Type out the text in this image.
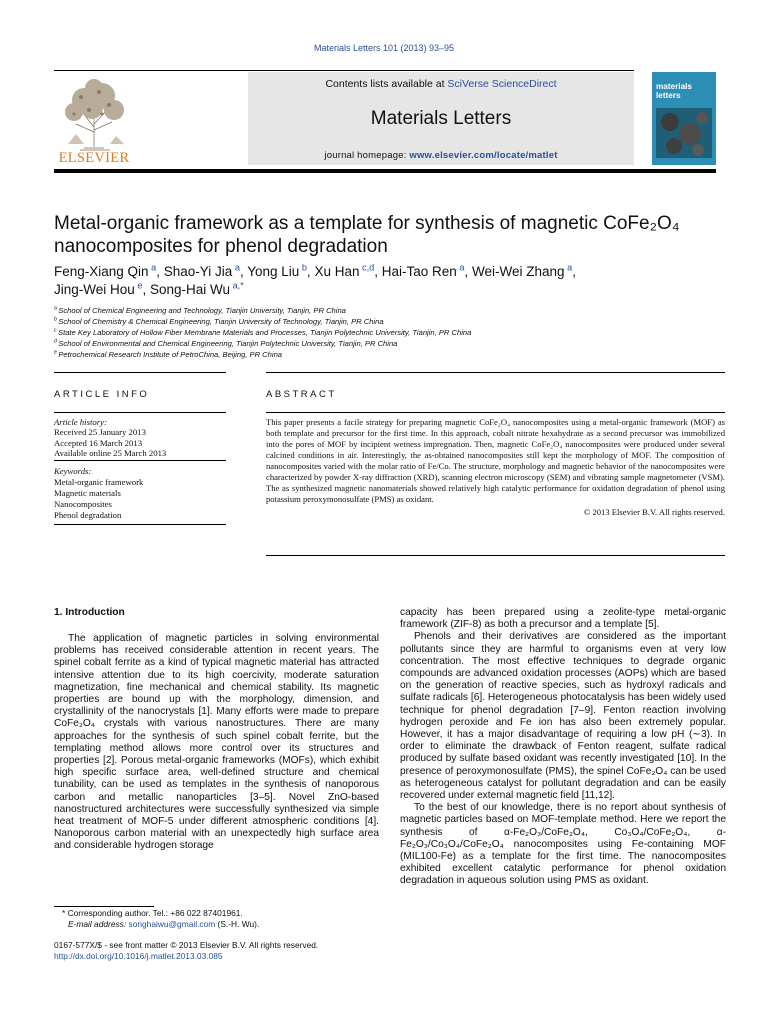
Materials Letters 101 (2013) 93–95
ELSEVIER
Contents lists available at SciVerse ScienceDirect
Materials Letters
journal homepage: www.elsevier.com/locate/matlet
materials letters
Metal-organic framework as a template for synthesis of magnetic CoFe₂O₄
nanocomposites for phenol degradation
Feng-Xiang Qin $^a$, Shao-Yi Jia $^a$, Yong Liu $^b$, Xu Han $^{c,d}$, Hai-Tao Ren $^a$, Wei-Wei Zhang $^a$,
Jing-Wei Hou $^e$, Song-Hai Wu $^{a,*}$
$^a$ School of Chemical Engineering and Technology, Tianjin University, Tianjin, PR China
$^b$ School of Chemistry & Chemical Engineering, Tianjin University of Technology, Tianjin, PR China
$^c$ State Key Laboratory of Hollow Fiber Membrane Materials and Processes, Tianjin Polytechnic University, Tianjin, PR China
$^d$ School of Environmental and Chemical Engineering, Tianjin Polytechnic University, Tianjin, PR China
$^e$ Petrochemical Research Institute of PetroChina, Beijing, PR China
ARTICLE INFO	ABSTRACT
Article history:
Received 25 January 2013
Accepted 16 March 2013
Available online 25 March 2013
Keywords:
Metal-organic framework
Magnetic materials
Nanocomposites
Phenol degradation
This paper presents a facile strategy for preparing magnetic CoFe₂O₄ nanocomposites using a metal-organic framework (MOF) as both template and precursor for the first time. In this approach, cobalt nitrate hexahydrate as a second precursor was immobilized into the pores of MOF by incipient wetness impregnation. Then, magnetic CoFe₂O₄ nanocomposites were produced under several calcined conditions in air. Interestingly, the as-obtained nanocomposites still kept the morphology of MOF. The composition of nanocomposites varied with the molar ratio of Fe/Co. The structure, morphology and magnetic behavior of the nanocomposites were characterized by powder X-ray diffraction (XRD), scanning electron microscopy (SEM) and vibrating sample magnetometer (VSM). The as synthesized magnetic nanomaterials showed relatively high catalytic performance for oxidation degradation of phenol using potassium peroxymonosulfate (PMS) as oxidant.
© 2013 Elsevier B.V. All rights reserved.
1. Introduction

The application of magnetic particles in solving environmental problems has received considerable attention in recent years. The spinel cobalt ferrite as a kind of typical magnetic material has attracted intensive attention due to its high coercivity, moderate saturation magnetization, fine mechanical and chemical stability. Its magnetic properties are bound up with the morphology, dimension, and crystallinity of the nanocrystals [1]. Many efforts were made to prepare CoFe₂O₄ crystals with various nanostructures. There are many approaches for the synthesis of such spinel cobalt ferrite, but the templating method allows more control over its structures and properties [2]. Porous metal-organic frameworks (MOFs), which exhibit high specific surface area, well-defined structure and chemical tunability, can be used as templates in the synthesis of nanoporous carbon and metallic nanoparticles [3–5]. Novel ZnO-based nanostructured architectures were successfully synthesized via simple heat treatment of MOF-5 under different atmospheric conditions [4]. Nanoporous carbon material with an unexpectedly high surface area and considerable hydrogen storage

capacity has been prepared using a zeolite-type metal-organic framework (ZIF-8) as both a precursor and a template [5].

Phenols and their derivatives are considered as the important pollutants since they are harmful to organisms even at very low concentration. The most effective techniques to degrade organic compounds are advanced oxidation processes (AOPs) which are based on the generation of reactive species, such as hydroxyl radicals and sulfate radicals [6]. Heterogeneous photocatalysis has been widely used technique for phenol degradation [7–9]. Fenton reaction involving hydrogen peroxide and Fe ion has also been extremely popular. However, it has a major disadvantage of requiring a low pH (∼3). In order to eliminate the drawback of Fenton reagent, sulfate radical produced by sulfate based oxidant was recently investigated [10]. In the presence of peroxymonosulfate (PMS), the spinel CoFe₂O₄ can be used as heterogeneous catalyst for pollutant degradation and can be easily recovered under external magnetic field [11,12].

To the best of our knowledge, there is no report about synthesis of magnetic particles based on MOF-template method. Here we report the synthesis of α-Fe₂O₃/CoFe₂O₄, Co₃O₄/CoFe₂O₄, α-Fe₂O₃/Co₃O₄/CoFe₂O₄ nanocomposites using Fe-containing MOF (MIL100-Fe) as a template for the first time. The nanocomposites exhibited excellent catalytic performance for phenol oxidation degradation in aqueous solution using PMS as oxidant.

* Corresponding author. Tel.: +86 022 87401961.
E-mail address: songhaiwu@gmail.com (S.-H. Wu).
0167-577X/$ - see front matter © 2013 Elsevier B.V. All rights reserved.
http://dx.doi.org/10.1016/j.matlet.2013.03.085
